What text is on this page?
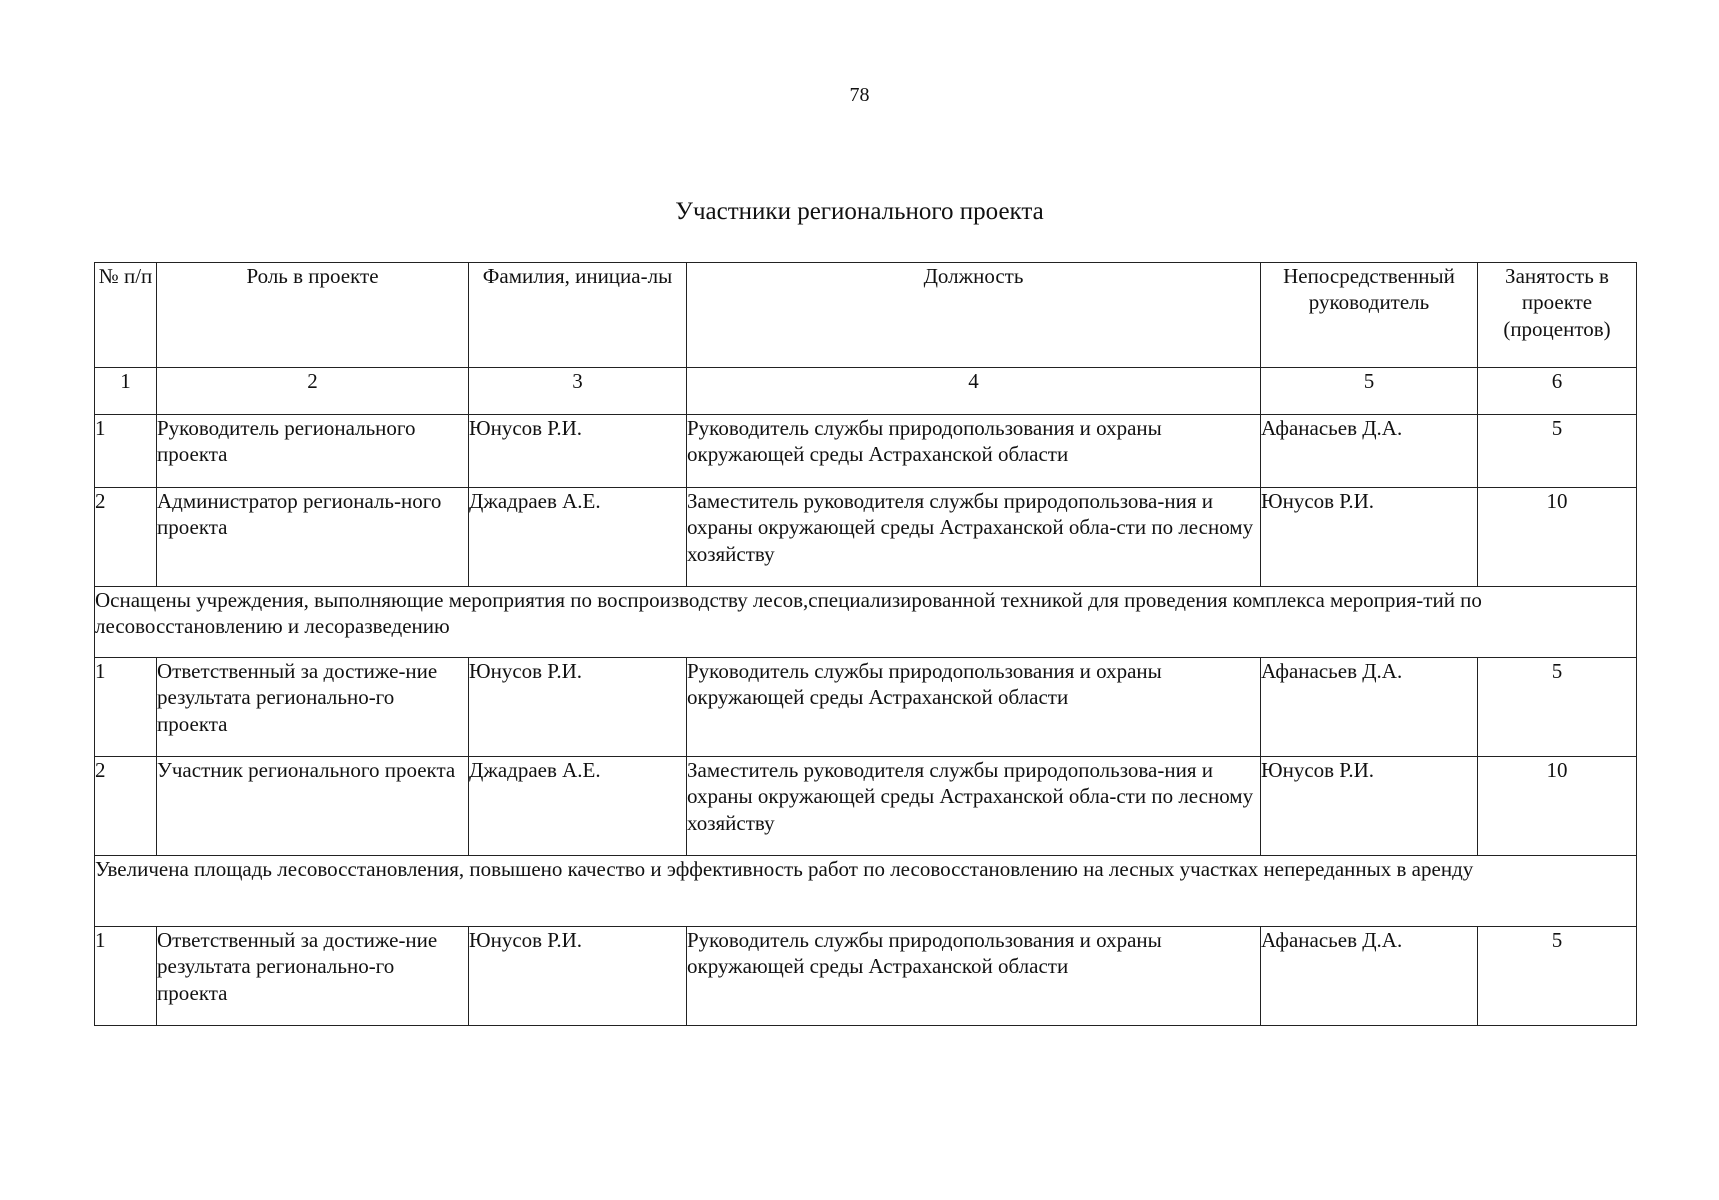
78
Участники регионального проекта
№ п/п	Роль в проекте	Фамилия, инициа-лы	Должность	Непосредственный руководитель	Занятость в проекте (процентов)
1	2	3	4	5	6
1	Руководитель регионального проекта	Юнусов Р.И.	Руководитель службы природопользования и охраны окружающей среды Астраханской области	Афанасьев Д.А.	5
2	Администратор региональ-ного проекта	Джадраев А.Е.	Заместитель руководителя службы природопользова-ния и охраны окружающей среды Астраханской обла-сти по лесному хозяйству	Юнусов Р.И.	10
Оснащены учреждения, выполняющие мероприятия по воспроизводству лесов,специализированной техникой для проведения комплекса мероприя-тий по лесовосстановлению и лесоразведению					
1	Ответственный за достиже-ние результата регионально-го проекта	Юнусов Р.И.	Руководитель службы природопользования и охраны окружающей среды Астраханской области	Афанасьев Д.А.	5
2	Участник регионального проекта	Джадраев А.Е.	Заместитель руководителя службы природопользова-ния и охраны окружающей среды Астраханской обла-сти по лесному хозяйству	Юнусов Р.И.	10
Увеличена площадь лесовосстановления, повышено качество и эффективность работ по лесовосстановлению на лесных участках непереданных в аренду					
1	Ответственный за достиже-ние результата регионально-го проекта	Юнусов Р.И.	Руководитель службы природопользования и охраны окружающей среды Астраханской области	Афанасьев Д.А.	5
